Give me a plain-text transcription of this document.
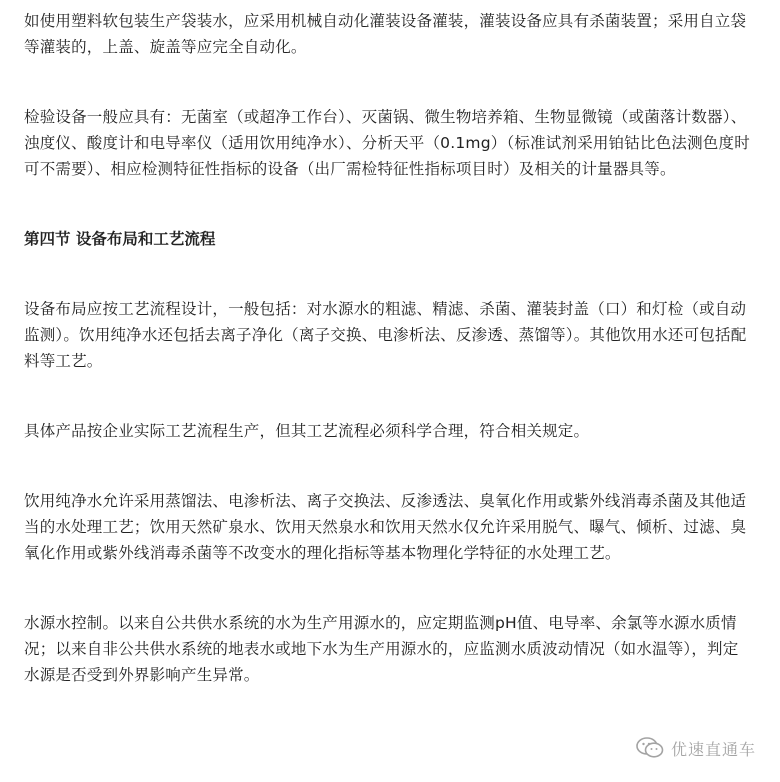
如使用塑料软包装生产袋装水，应采用机械自动化灌装设备灌装，灌装设备应具有杀菌装置；采用自立袋等灌装的，上盖、旋盖等应完全自动化。

检验设备一般应具有：无菌室（或超净工作台）、灭菌锅、微生物培养箱、生物显微镜（或菌落计数器）、浊度仪、酸度计和电导率仪（适用饮用纯净水）、分析天平（0.1mg）（标准试剂采用铂钴比色法测色度时可不需要）、相应检测特征性指标的设备（出厂需检特征性指标项目时）及相关的计量器具等。

第四节 设备布局和工艺流程

设备布局应按工艺流程设计，一般包括：对水源水的粗滤、精滤、杀菌、灌装封盖（口）和灯检（或自动监测）。饮用纯净水还包括去离子净化（离子交换、电渗析法、反渗透、蒸馏等）。其他饮用水还可包括配料等工艺。

具体产品按企业实际工艺流程生产，但其工艺流程必须科学合理，符合相关规定。

饮用纯净水允许采用蒸馏法、电渗析法、离子交换法、反渗透法、臭氧化作用或紫外线消毒杀菌及其他适当的水处理工艺；饮用天然矿泉水、饮用天然泉水和饮用天然水仅允许采用脱气、曝气、倾析、过滤、臭氧化作用或紫外线消毒杀菌等不改变水的理化指标等基本物理化学特征的水处理工艺。

水源水控制。以来自公共供水系统的水为生产用源水的，应定期监测pH值、电导率、余氯等水源水质情况；以来自非公共供水系统的地表水或地下水为生产用源水的，应监测水质波动情况（如水温等），判定水源是否受到外界影响产生异常。

优速直通车
